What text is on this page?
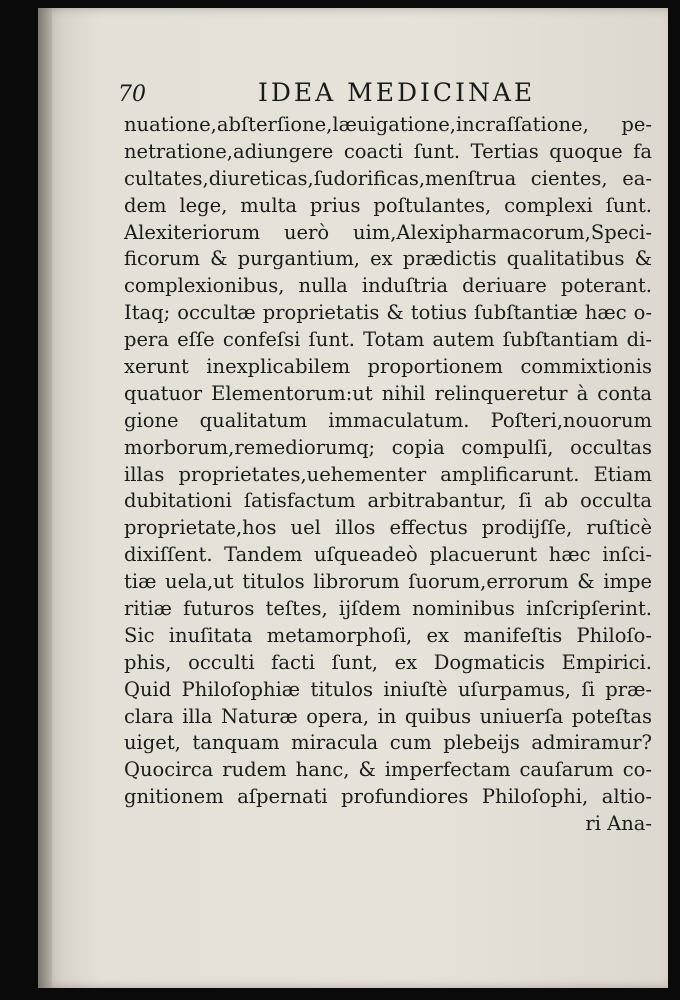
70	IDEA MEDICINAE
nuatione,abſterſione,læuigatione,incraſſatione, pe-
netratione,adiungere coacti ſunt. Tertias quoque fa
cultates,diureticas,ſudorificas,menſtrua cientes, ea-
dem lege, multa prius poſtulantes, complexi ſunt.
Alexiteriorum uerò uim,Alexipharmacorum,Speci-
ficorum & purgantium, ex prædictis qualitatibus &
complexionibus, nulla induſtria deriuare poterant.
Itaq; occultæ proprietatis & totius ſubſtantiæ hæc o-
pera eſſe confeſsi ſunt. Totam autem ſubſtantiam di-
xerunt inexplicabilem proportionem commixtionis
quatuor Elementorum:ut nihil relinqueretur à conta
gione qualitatum immaculatum. Poſteri,nouorum
morborum,remediorumq; copia compulſi, occultas
illas proprietates,uehementer amplificarunt. Etiam
dubitationi ſatisfactum arbitrabantur, ſi ab occulta
proprietate,hos uel illos effectus prodijſſe, ruſticè
dixiſſent. Tandem uſqueadeò placuerunt hæc inſci-
tiæ uela,ut titulos librorum ſuorum,errorum & impe
ritiæ futuros teſtes, ijſdem nominibus inſcripſerint.
Sic inuſitata metamorphoſi, ex manifeſtis Philoſo-
phis, occulti facti ſunt, ex Dogmaticis Empirici.
Quid Philoſophiæ titulos iniuſtè uſurpamus, ſi præ-
clara illa Naturæ opera, in quibus uniuerſa poteſtas
uiget, tanquam miracula cum plebeijs admiramur?
Quocirca rudem hanc, & imperfectam cauſarum co-
gnitionem aſpernati profundiores Philoſophi, altio-
ri Ana-
